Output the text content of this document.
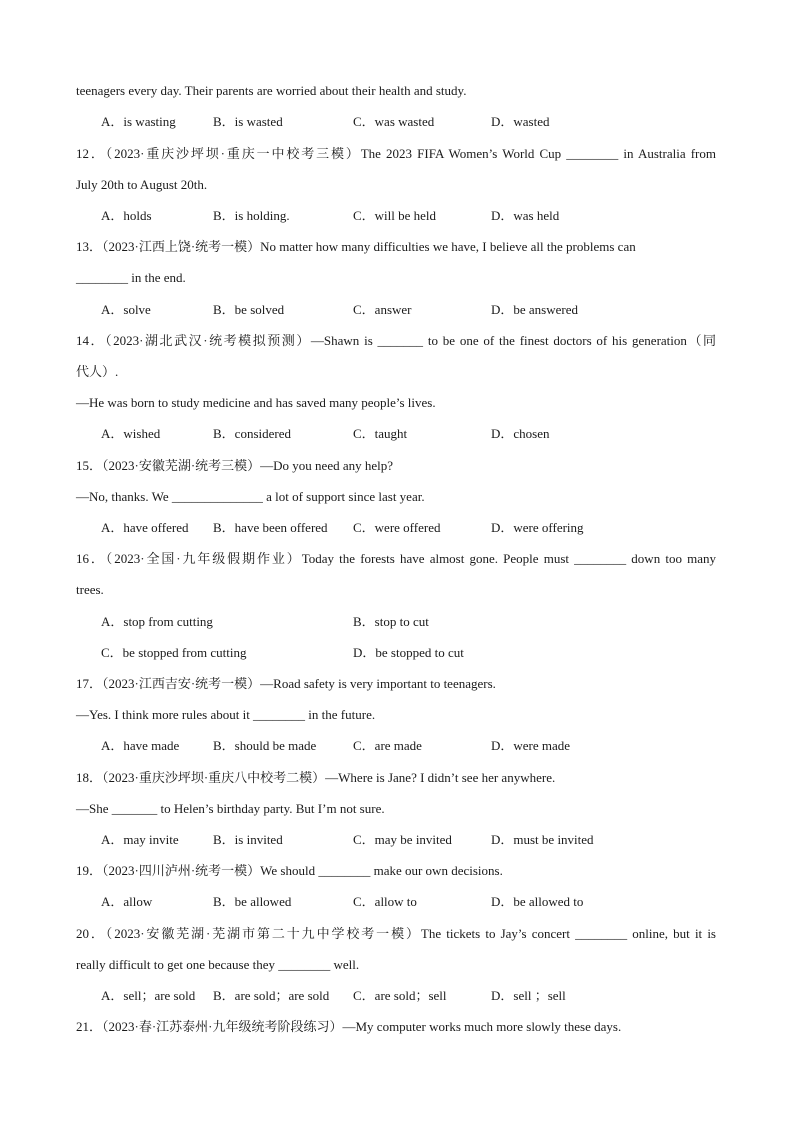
teenagers every day. Their parents are worried about their health and study.
A．is wasting	B．is wasted	C．was wasted	D．wasted
12．（2023·重庆沙坪坝·重庆一中校考三模）The 2023 FIFA Women’s World Cup ________ in Australia from
July 20th to August 20th.
A．holds	B．is holding.	C．will be held	D．was held
13．（2023·江西上饶·统考一模）No matter how many difficulties we have, I believe all the problems can
________ in the end.
A．solve	B．be solved	C．answer	D．be answered
14．（2023·湖北武汉·统考模拟预测）—Shawn is _______ to be one of the finest doctors of his generation（同
代人）.
—He was born to study medicine and has saved many people’s lives.
A．wished	B．considered	C．taught	D．chosen
15．（2023·安徽芜湖·统考三模）—Do you need any help?
—No, thanks. We ______________ a lot of support since last year.
A．have offered B．have been offered C．were offered	D．were offering
16．（2023·全国·九年级假期作业）Today the forests have almost gone. People must ________ down too many
trees.
A．stop from cutting	B．stop to cut
C．be stopped from cutting	D．be stopped to cut
17．（2023·江西吉安·统考一模）—Road safety is very important to teenagers.
—Yes. I think more rules about it ________ in the future.
A．have made	B．should be made	C．are made	D．were made
18．（2023·重庆沙坪坝·重庆八中校考二模）—Where is Jane? I didn’t see her anywhere.
—She _______ to Helen’s birthday party. But I’m not sure.
A．may invite	B．is invited	C．may be invited	D．must be invited
19．（2023·四川泸州·统考一模）We should ________ make our own decisions.
A．allow	B．be allowed	C．allow to	D．be allowed to
20．（2023·安徽芜湖·芜湖市第二十九中学校考一模）The tickets to Jay’s concert ________ online, but it is
really difficult to get one because they ________ well.
A．sell；are sold B．are sold；are sold C．are sold；sell	D．sell ；sell
21．（2023·春·江苏泰州·九年级统考阶段练习）—My computer works much more slowly these days.
